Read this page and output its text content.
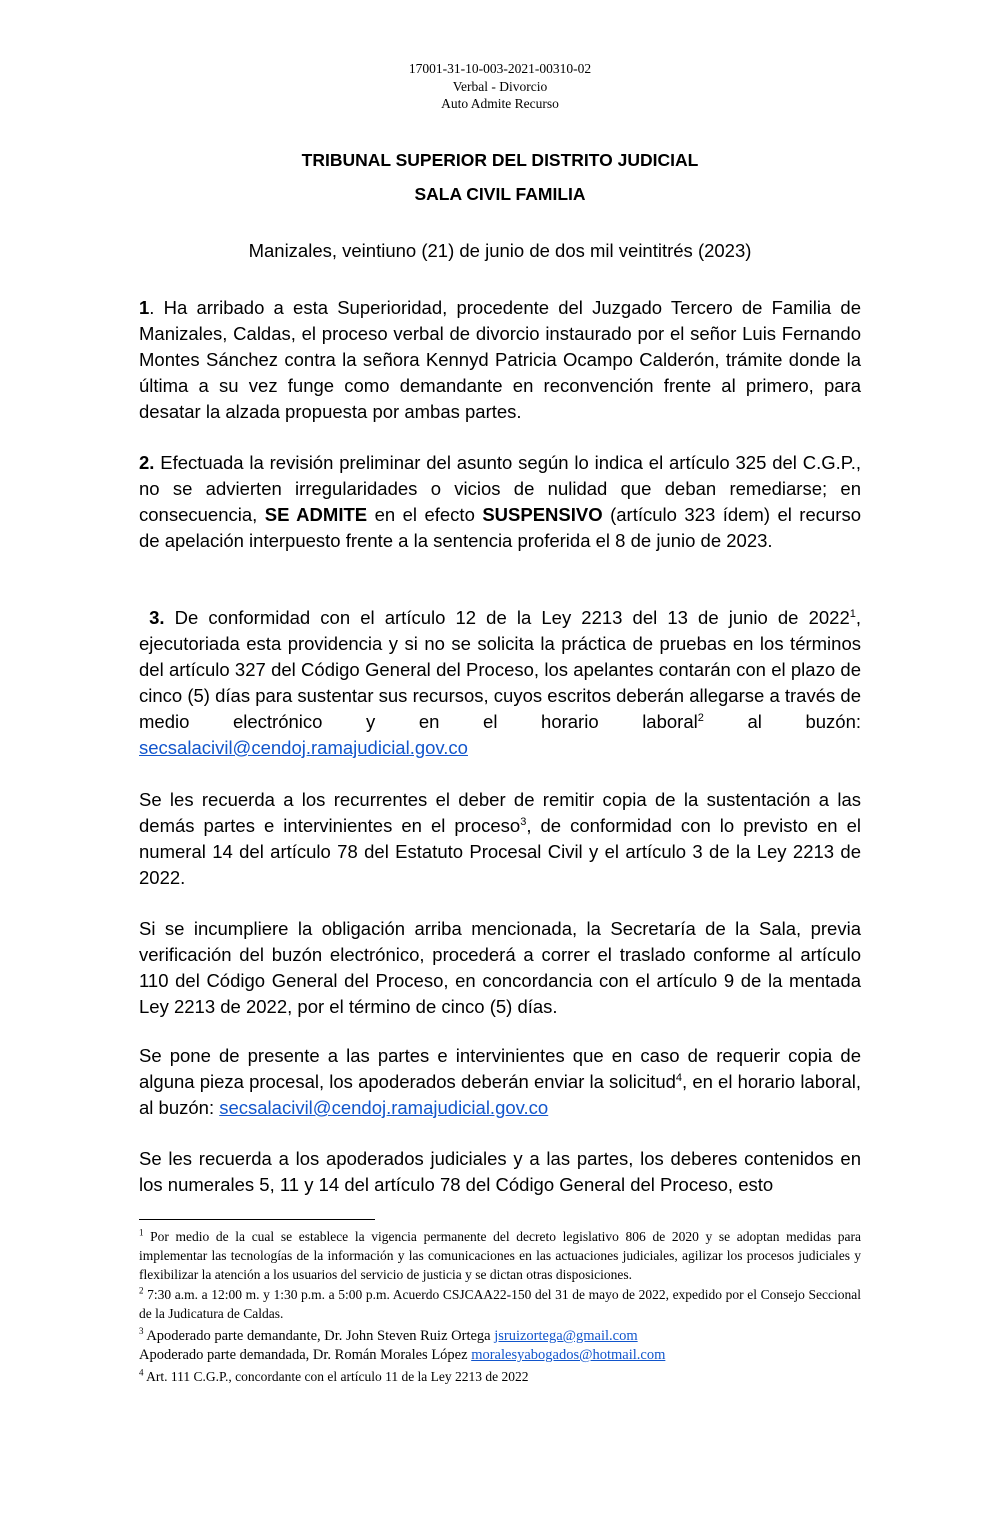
17001-31-10-003-2021-00310-02
Verbal - Divorcio
Auto Admite Recurso
TRIBUNAL SUPERIOR DEL DISTRITO JUDICIAL
SALA CIVIL FAMILIA
Manizales, veintiuno (21) de junio de dos mil veintitrés (2023)

1. Ha arribado a esta Superioridad, procedente del Juzgado Tercero de Familia de Manizales, Caldas, el proceso verbal de divorcio instaurado por el señor Luis Fernando Montes Sánchez contra la señora Kennyd Patricia Ocampo Calderón, trámite donde la última a su vez funge como demandante en reconvención frente al primero, para desatar la alzada propuesta por ambas partes.

2. Efectuada la revisión preliminar del asunto según lo indica el artículo 325 del C.G.P., no se advierten irregularidades o vicios de nulidad que deban remediarse; en consecuencia, SE ADMITE en el efecto SUSPENSIVO (artículo 323 ídem) el recurso de apelación interpuesto frente a la sentencia proferida el 8 de junio de 2023.

3. De conformidad con el artículo 12 de la Ley 2213 del 13 de junio de 2022$^1$, ejecutoriada esta providencia y si no se solicita la práctica de pruebas en los términos del artículo 327 del Código General del Proceso, los apelantes contarán con el plazo de cinco (5) días para sustentar sus recursos, cuyos escritos deberán allegarse a través de medio electrónico y en el horario laboral$^2$ al buzón: secsalacivil@cendoj.ramajudicial.gov.co

Se les recuerda a los recurrentes el deber de remitir copia de la sustentación a las demás partes e intervinientes en el proceso$^3$, de conformidad con lo previsto en el numeral 14 del artículo 78 del Estatuto Procesal Civil y el artículo 3 de la Ley 2213 de 2022.

Si se incumpliere la obligación arriba mencionada, la Secretaría de la Sala, previa verificación del buzón electrónico, procederá a correr el traslado conforme al artículo 110 del Código General del Proceso, en concordancia con el artículo 9 de la mentada Ley 2213 de 2022, por el término de cinco (5) días.

Se pone de presente a las partes e intervinientes que en caso de requerir copia de alguna pieza procesal, los apoderados deberán enviar la solicitud$^4$, en el horario laboral, al buzón: secsalacivil@cendoj.ramajudicial.gov.co

Se les recuerda a los apoderados judiciales y a las partes, los deberes contenidos en los numerales 5, 11 y 14 del artículo 78 del Código General del Proceso, esto

$^1$ Por medio de la cual se establece la vigencia permanente del decreto legislativo 806 de 2020 y se adoptan medidas para implementar las tecnologías de la información y las comunicaciones en las actuaciones judiciales, agilizar los procesos judiciales y flexibilizar la atención a los usuarios del servicio de justicia y se dictan otras disposiciones.

$^2$ 7:30 a.m. a 12:00 m. y 1:30 p.m. a 5:00 p.m. Acuerdo CSJCAA22-150 del 31 de mayo de 2022, expedido por el Consejo Seccional de la Judicatura de Caldas.

$^3$ Apoderado parte demandante, Dr. John Steven Ruiz Ortega jsruizortega@gmail.com
Apoderado parte demandada, Dr. Román Morales López moralesyabogados@hotmail.com

$^4$ Art. 111 C.G.P., concordante con el artículo 11 de la Ley 2213 de 2022
